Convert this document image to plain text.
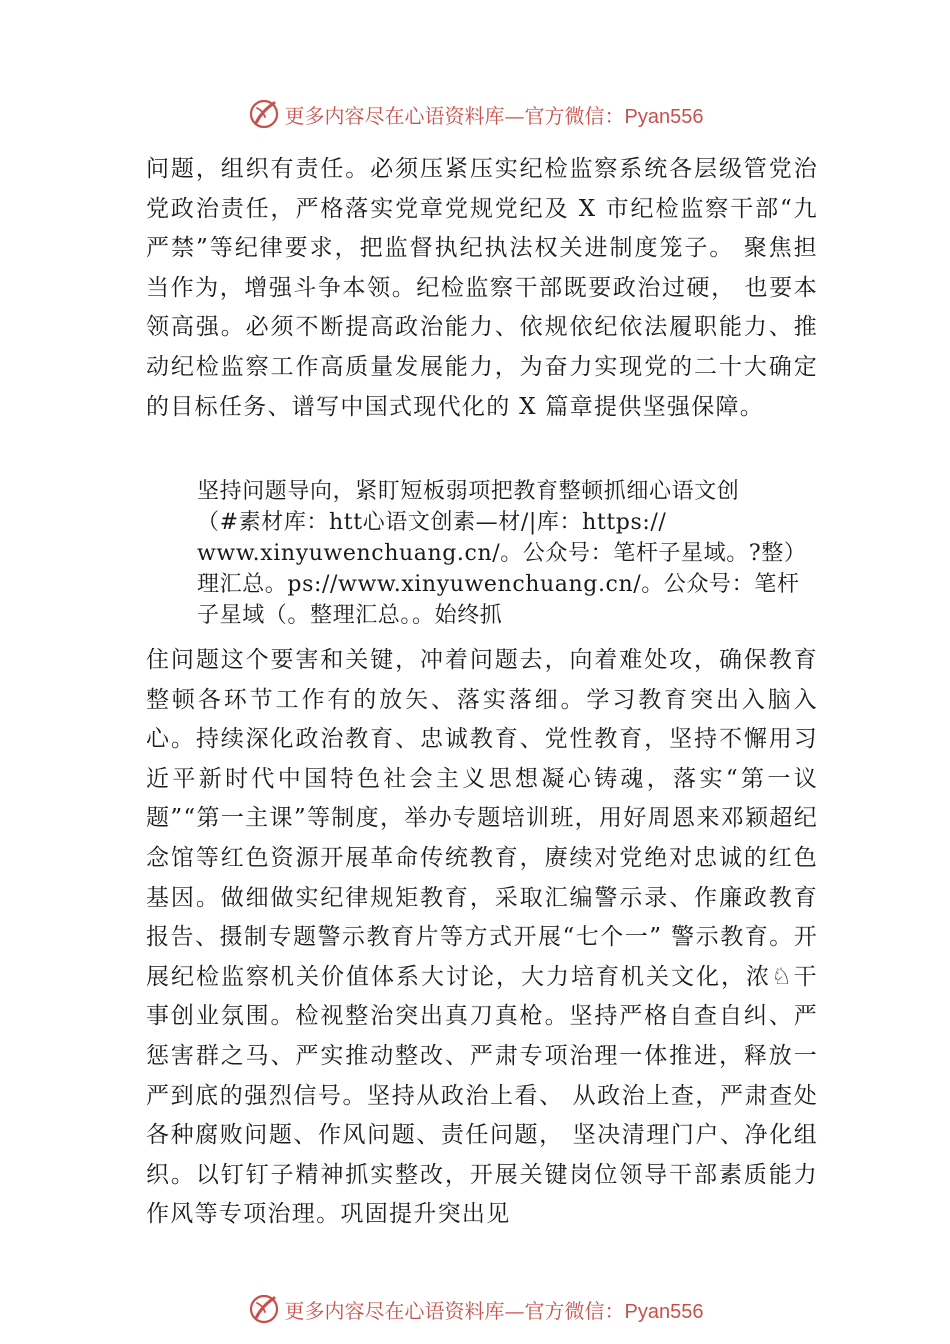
更多内容尽在心语资料库—官方微信：Pyan556

问题，组织有责任。必须压紧压实纪检监察系统各层级管党治党政治责任，严格落实党章党规党纪及 X 市纪检监察干部“九严禁”等纪律要求，把监督执纪执法权关进制度笼子。 聚焦担当作为，增强斗争本领。纪检监察干部既要政治过硬， 也要本领高强。必须不断提高政治能力、依规依纪依法履职能力、推动纪检监察工作高质量发展能力，为奋力实现党的二十大确定的目标任务、谱写中国式现代化的 X 篇章提供坚强保障。

坚持问题导向，紧盯短板弱项把教育整顿抓细心语文创

（#素材库：htt心语文创素—材/|库：https://

www.xinyuwenchuang.cn/。公众号：笔杆子星域。?整）

理汇总。ps://www.xinyuwenchuang.cn/。公众号：笔杆

子星域（。整理汇总。。始终抓

住问题这个要害和关键，冲着问题去，向着难处攻，确保教育整顿各环节工作有的放矢、落实落细。学习教育突出入脑入心。持续深化政治教育、忠诚教育、党性教育，坚持不懈用习近平新时代中国特色社会主义思想凝心铸魂，落实“第一议题”“第一主课”等制度，举办专题培训班，用好周恩来邓颖超纪念馆等红色资源开展革命传统教育，赓续对党绝对忠诚的红色基因。做细做实纪律规矩教育，采取汇编警示录、作廉政教育报告、摄制专题警示教育片等方式开展“七个一” 警示教育。开展纪检监察机关价值体系大讨论，大力培育机关文化，浓♘干事创业氛围。检视整治突出真刀真枪。坚持严格自查自纠、严惩害群之马、严实推动整改、严肃专项治理一体推进，释放一严到底的强烈信号。坚持从政治上看、 从政治上查，严肃查处各种腐败问题、作风问题、责任问题， 坚决清理门户、净化组织。以钉钉子精神抓实整改，开展关键岗位领导干部素质能力作风等专项治理。巩固提升突出见

更多内容尽在心语资料库—官方微信：Pyan556
